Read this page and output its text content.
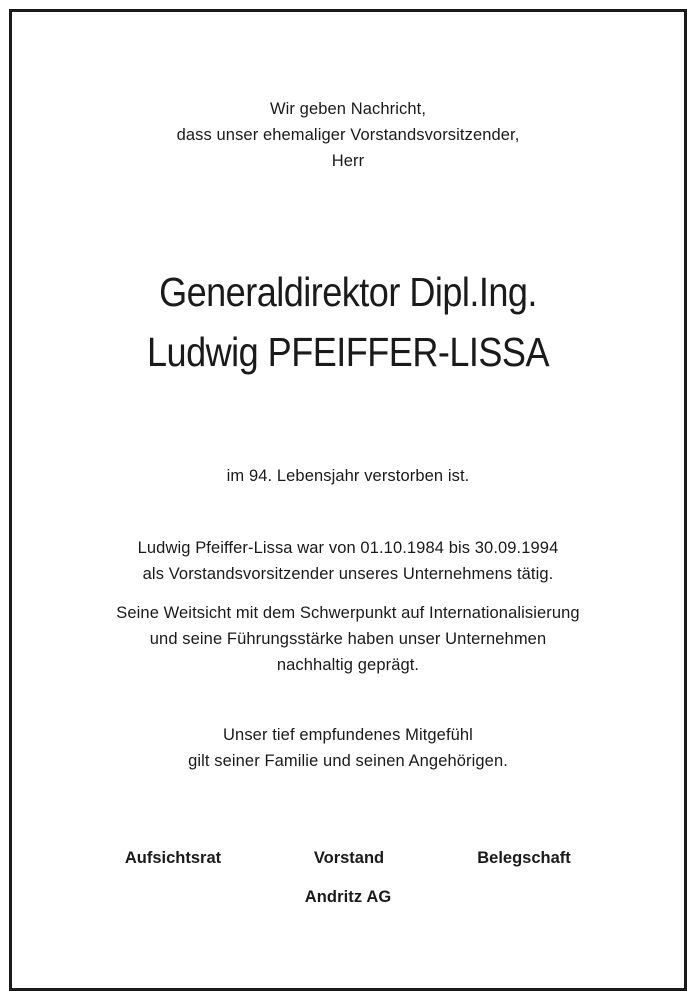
Wir geben Nachricht,
dass unser ehemaliger Vorstandsvorsitzender,
Herr
Generaldirektor Dipl.Ing.
Ludwig PFEIFFER-LISSA
im 94. Lebensjahr verstorben ist.
Ludwig Pfeiffer-Lissa war von 01.10.1984 bis 30.09.1994
als Vorstandsvorsitzender unseres Unternehmens tätig.
Seine Weitsicht mit dem Schwerpunkt auf Internationalisierung
und seine Führungsstärke haben unser Unternehmen
nachhaltig geprägt.
Unser tief empfundenes Mitgefühl
gilt seiner Familie und seinen Angehörigen.
Aufsichtsrat	Vorstand	Belegschaft
Andritz AG
